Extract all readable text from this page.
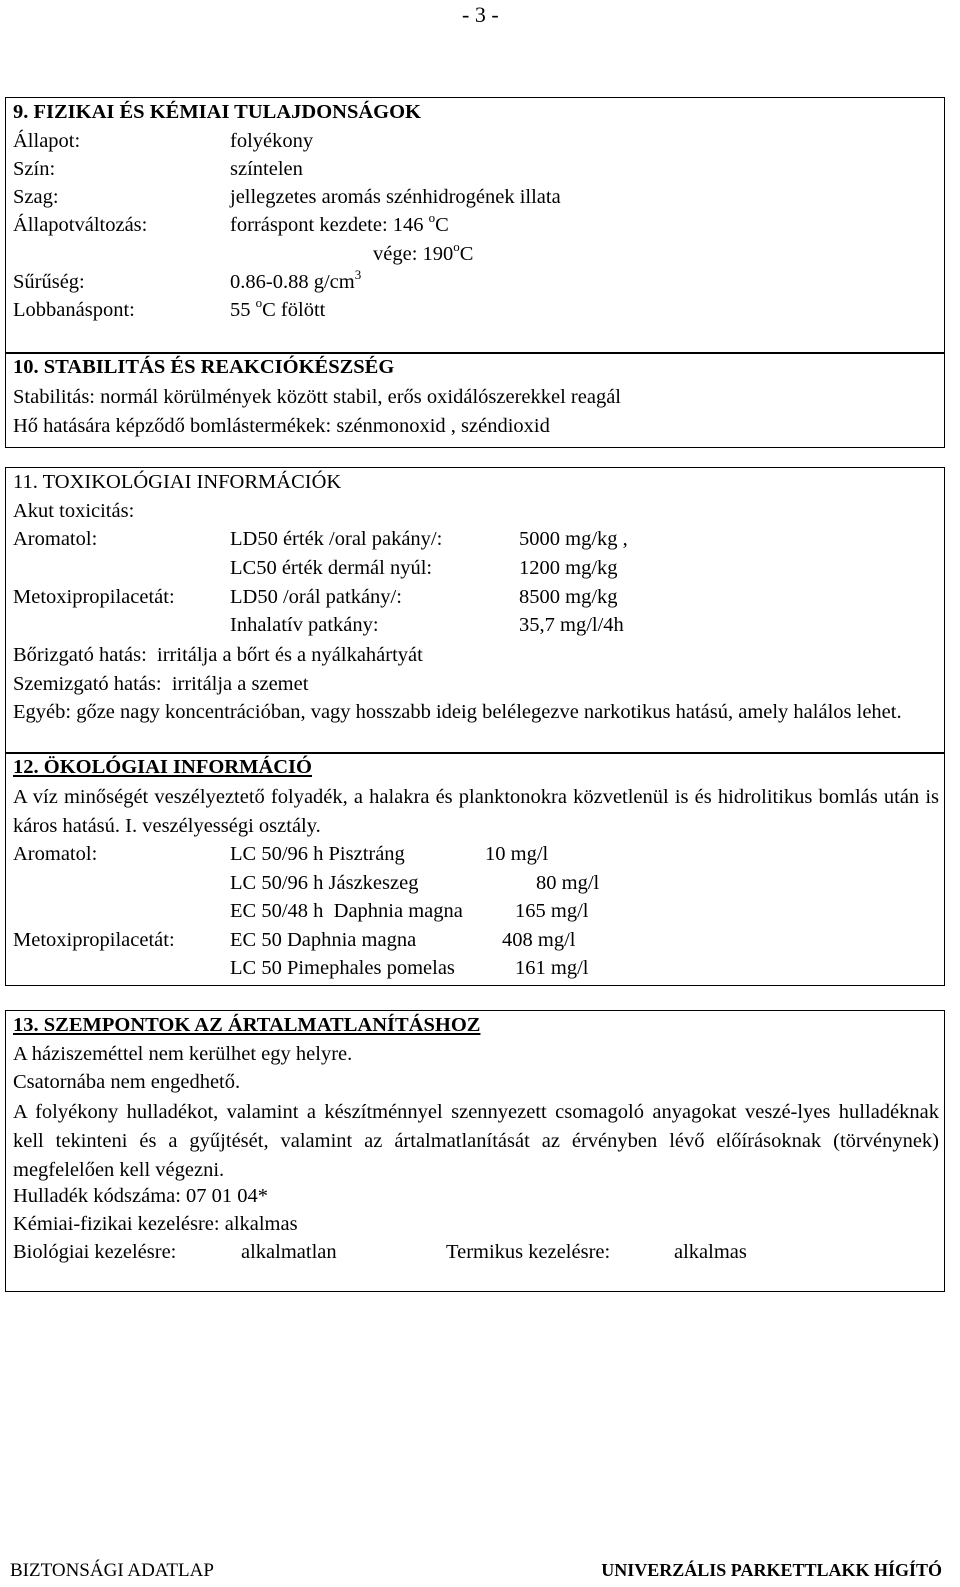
- 3 -
9. FIZIKAI ÉS KÉMIAI TULAJDONSÁGOK
Állapot:	folyékony
Szín:	színtelen
Szag:	jellegzetes aromás szénhidrogének illata
Állapotváltozás:	forráspont kezdete: 146 $^o$C
vége: 190$^o$C
Sűrűség:	0.86-0.88 $g/cm^3$
Lobbanáspont:	55 $^o$C fölött
10. STABILITÁS ÉS REAKCIÓKÉSZSÉG
Stabilitás: normál körülmények között stabil, erős oxidálószerekkel reagál
Hő hatására képződő bomlástermékek: szénmonoxid , széndioxid
11. TOXIKOLÓGIAI INFORMÁCIÓK
Akut toxicitás:
Aromatol:	LD50 érték /oral pakány/:	5000 mg/kg ,
LC50 érték dermál nyúl:	1200 mg/kg
Metoxipropilacetát:	LD50 /orál patkány/:	8500 mg/kg
Inhalatív patkány:	35,7 mg/l/4h
Bőrizgató hatás:  irritálja a bőrt és a nyálkahártyát
Szemizgató hatás:  irritálja a szemet
Egyéb: gőze nagy koncentrációban, vagy hosszabb ideig belélegezve narkotikus hatású, amely halálos lehet.
12. ÖKOLÓGIAI INFORMÁCIÓ
A víz minőségét veszélyeztető folyadék, a halakra és planktonokra közvetlenül is és hidrolitikus bomlás után is káros hatású. I. veszélyességi osztály.
Aromatol:	LC 50/96 h Pisztráng	10 mg/l
LC 50/96 h Jászkeszeg	80 mg/l
EC 50/48 h  Daphnia magna	165 mg/l
Metoxipropilacetát:	EC 50 Daphnia magna	408 mg/l
LC 50 Pimephales pomelas	161 mg/l
13. SZEMPONTOK AZ ÁRTALMATLANÍTÁSHOZ
A háziszeméttel nem kerülhet egy helyre.
Csatornába nem engedhető.
A folyékony hulladékot, valamint a készítménnyel szennyezett csomagoló anyagokat veszé-lyes hulladéknak kell tekinteni és a gyűjtését, valamint az ártalmatlanítását az érvényben lévő előírásoknak (törvénynek) megfelelően kell végezni.
Hulladék kódszáma: 07 01 04*
Kémiai-fizikai kezelésre: alkalmas
Biológiai kezelésre:	alkalmatlan	Termikus kezelésre:	alkalmas
BIZTONSÁGI ADATLAP	UNIVERZÁLIS PARKETTLAKK HÍGÍTÓ
